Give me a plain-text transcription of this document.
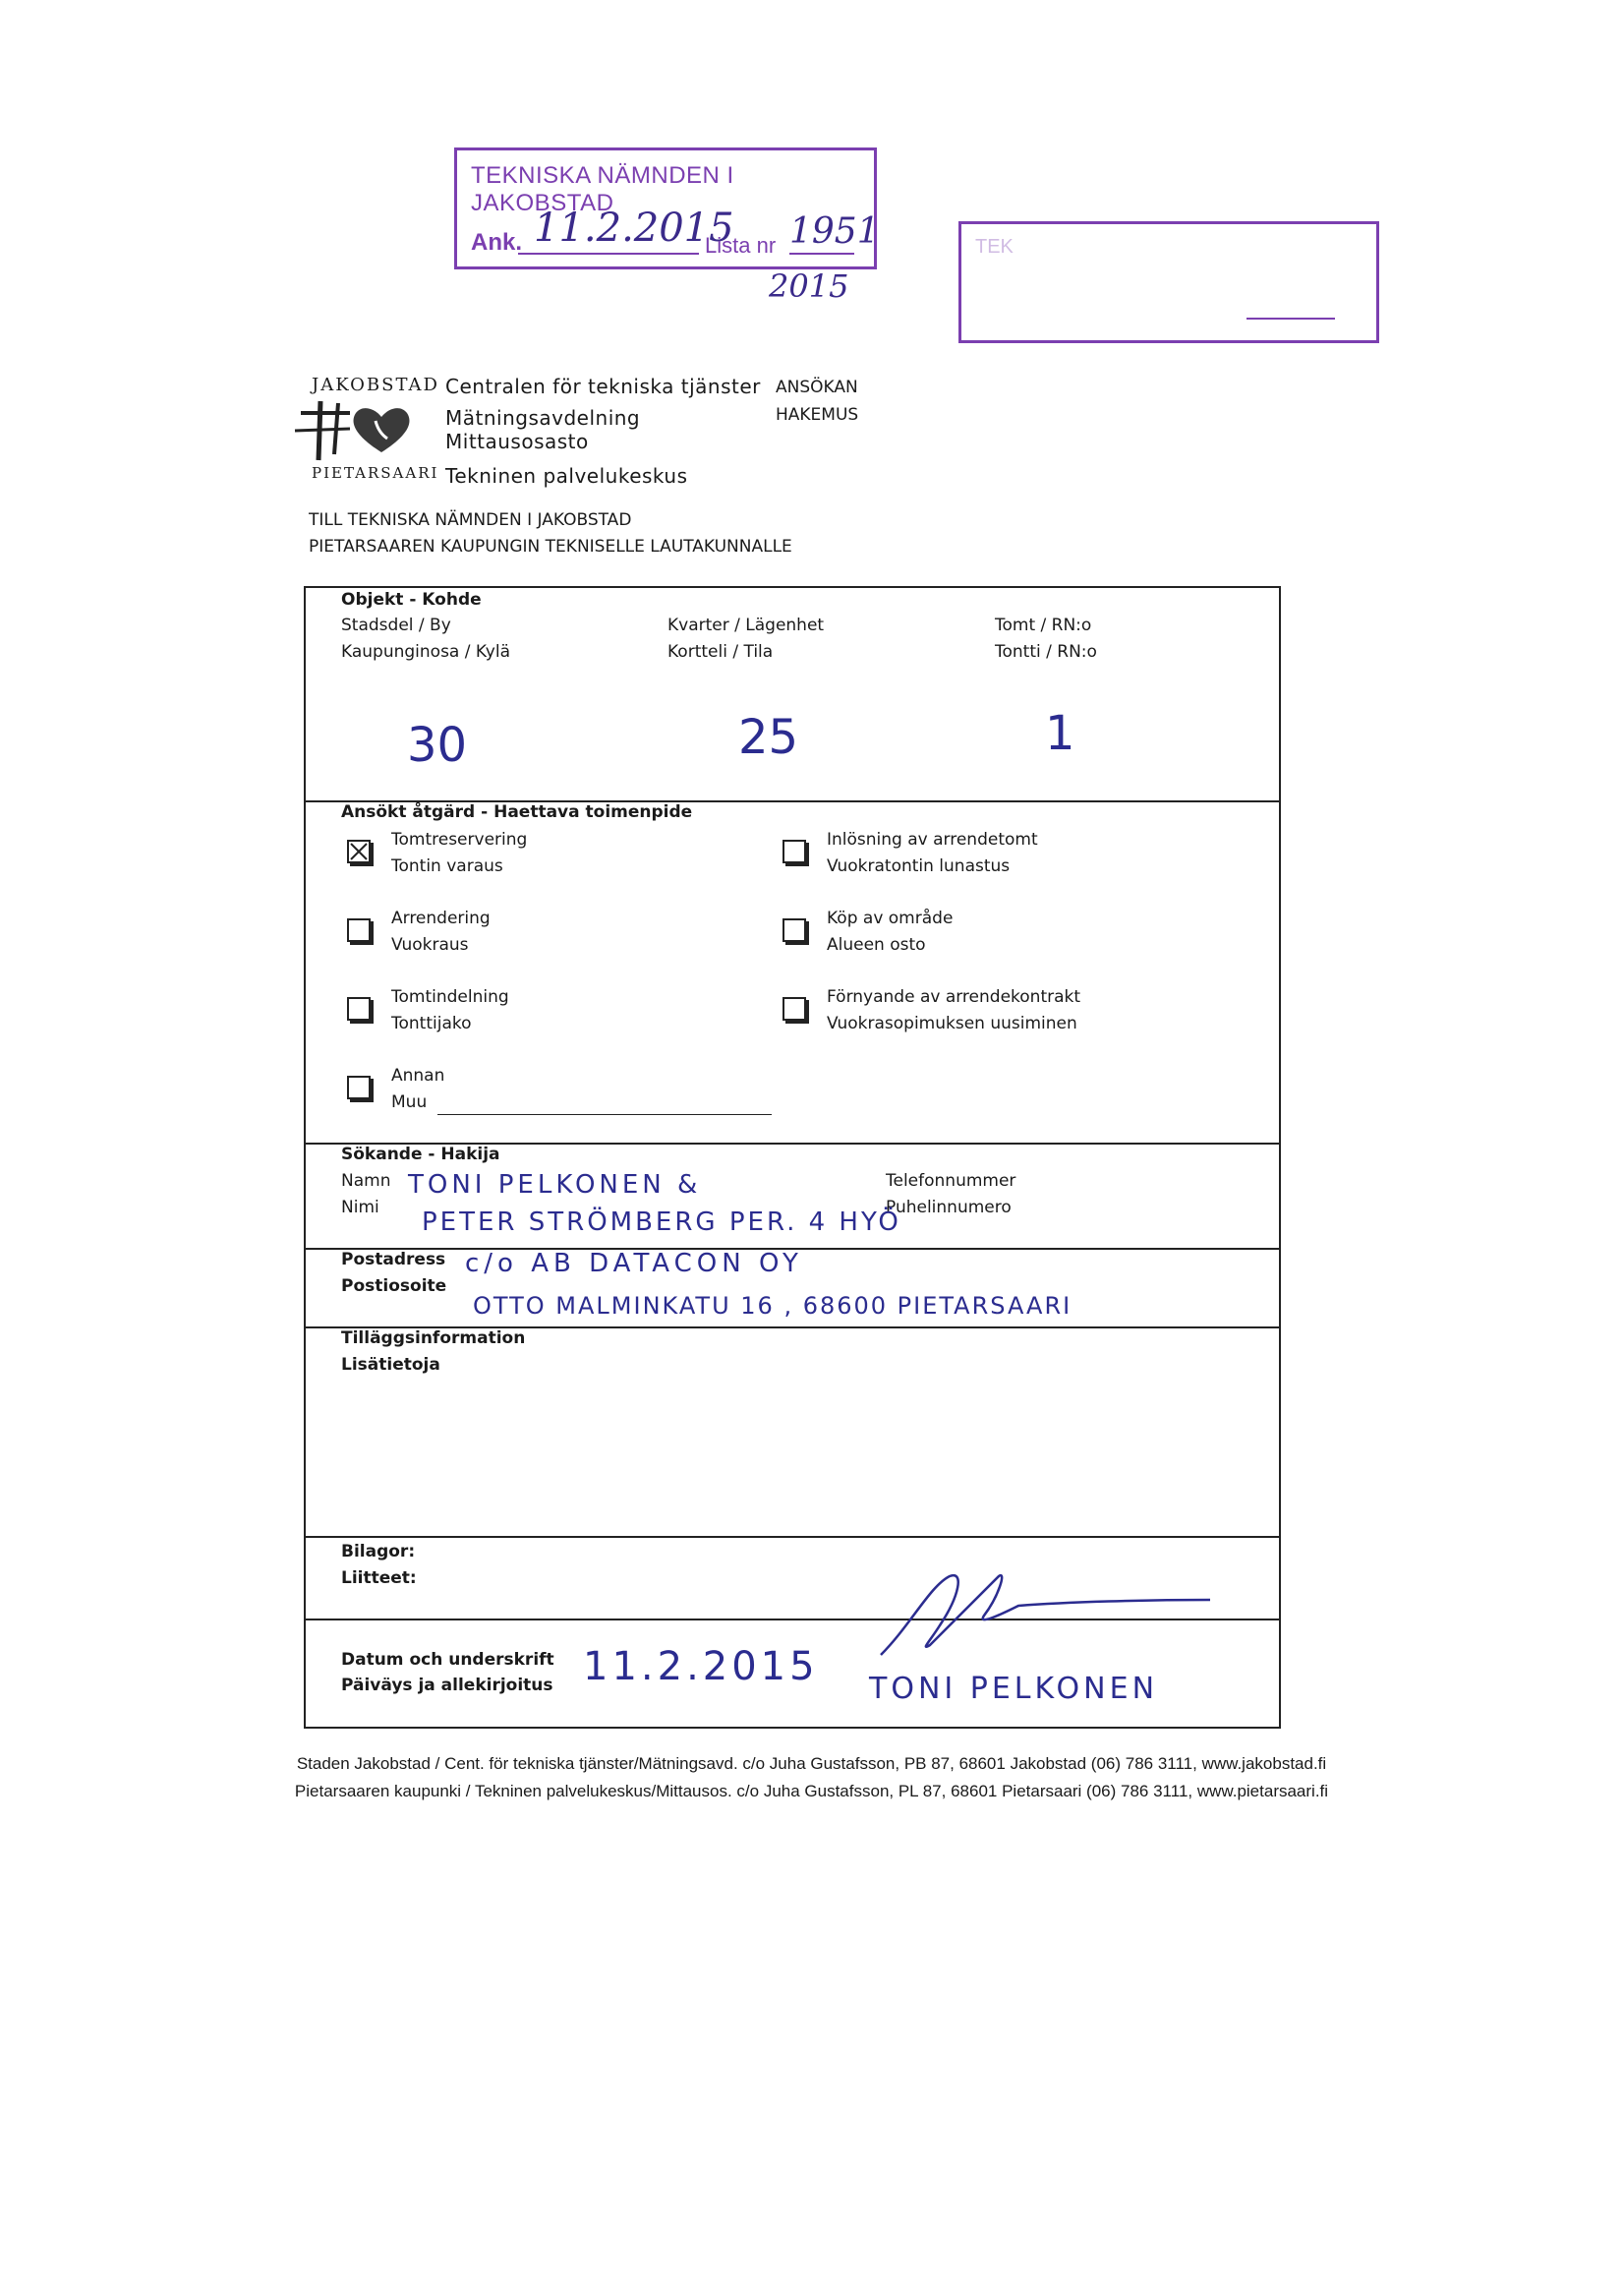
TEKNISKA NÄMNDEN I JAKOBSTAD
Ank. 11.2.2015
Lista nr 1951
2015
TEK
JAKOBSTAD
PIETARSAARI
Centralen för tekniska tjänster
Mätningsavdelning
Mittausosasto
Tekninen palvelukeskus
ANSÖKAN
HAKEMUS
TILL TEKNISKA NÄMNDEN I JAKOBSTAD
PIETARSAAREN KAUPUNGIN TEKNISELLE LAUTAKUNNALLE
Objekt - Kohde
Stadsdel / By
Kaupunginosa / Kylä
Kvarter / Lägenhet
Kortteli / Tila
Tomt / RN:o
Tontti / RN:o
30	25	1
Ansökt åtgärd - Haettava toimenpide
Tomtreservering
Tontin varaus
Inlösning av arrendetomt
Vuokratontin lunastus
Arrendering
Vuokraus
Köp av område
Alueen osto
Tomtindelning
Tonttijako
Förnyande av arrendekontrakt
Vuokrasopimuksen uusiminen
Annan
Muu
Sökande - Hakija
Namn
Nimi
Telefonnummer
Puhelinnumero
TONI PELKONEN &
PETER STRÖMBERG PER. 4 HYÖ
Postadress
Postiosoite
c/o AB DATACON OY
OTTO MALMINKATU 16 , 68600 PIETARSAARI
Tilläggsinformation
Lisätietoja
Bilagor:
Liitteet:
Datum och underskrift
Päiväys ja allekirjoitus 11.2.2015 TONI PELKONEN
Staden Jakobstad / Cent. för tekniska tjänster/Mätningsavd. c/o Juha Gustafsson, PB 87, 68601 Jakobstad (06) 786 3111, www.jakobstad.fi
Pietarsaaren kaupunki / Tekninen palvelukeskus/Mittausos. c/o Juha Gustafsson, PL 87, 68601 Pietarsaari (06) 786 3111, www.pietarsaari.fi
